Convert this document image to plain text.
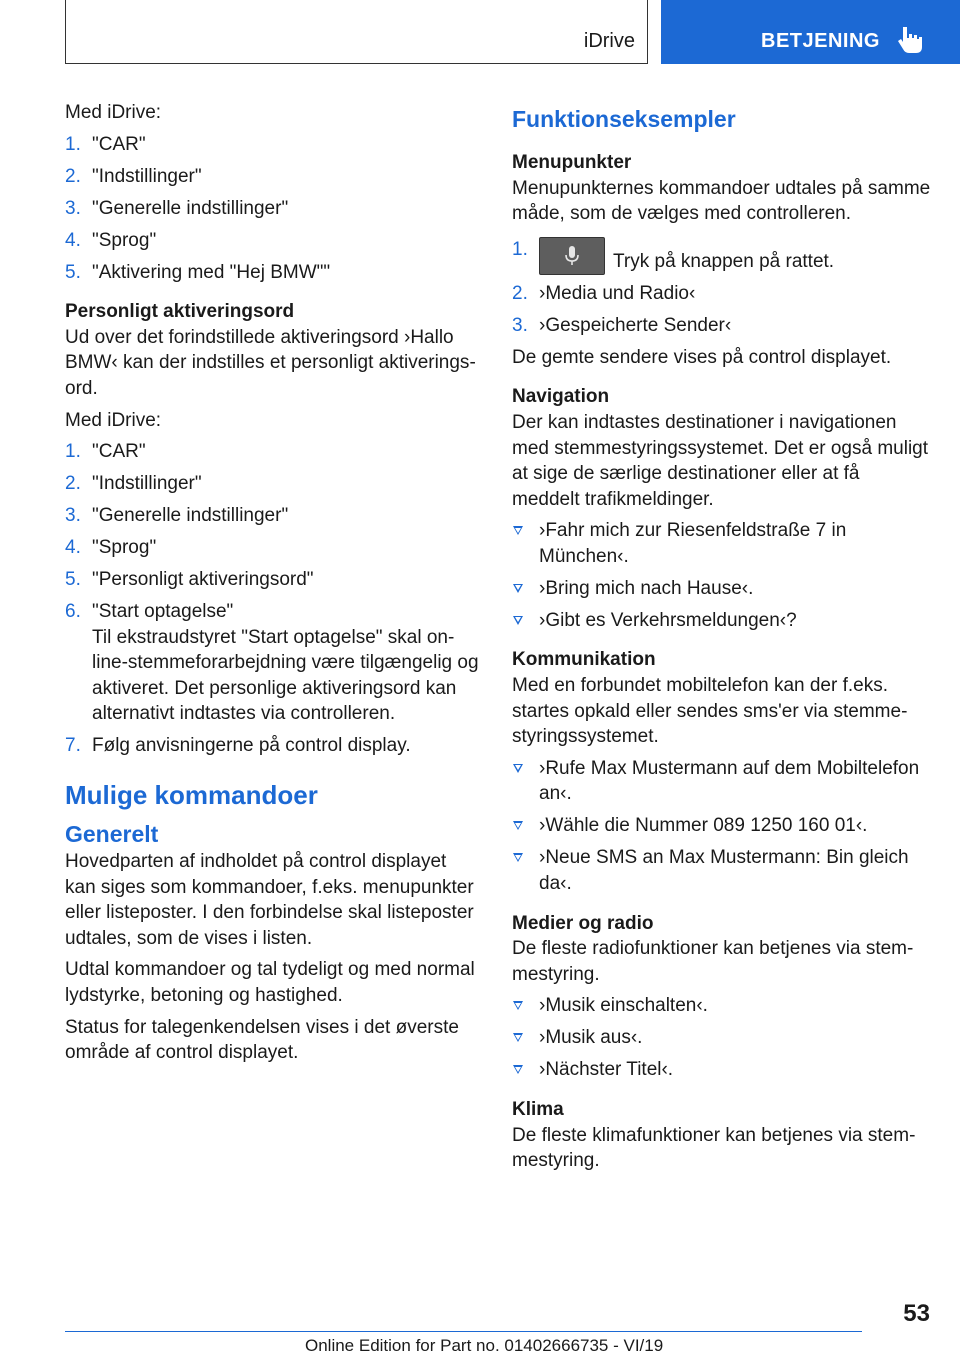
iDrive	BETJENING

Med iDrive:

1. "CAR"
2. "Indstillinger"
3. "Generelle indstillinger"
4. "Sprog"
5. "Aktivering med "Hej BMW""

Personligt aktiveringsord

Ud over det forindstillede aktiveringsord ›Hallo BMW‹ kan der indstilles et personligt aktiveringsord.

Med iDrive:

1. "CAR"
2. "Indstillinger"
3. "Generelle indstillinger"
4. "Sprog"
5. "Personligt aktiveringsord"
6. "Start optagelse"
Til ekstraudstyret "Start optagelse" skal online-stemmeforarbejdning være tilgængelig og aktiveret. Det personlige aktiveringsord kan alternativt indtastes via controlleren.
7. Følg anvisningerne på control display.
Mulige kommandoer
Generelt

Hovedparten af indholdet på control displayet kan siges som kommandoer, f.eks. menupunkter eller listeposter. I den forbindelse skal listeposter udtales, som de vises i listen.

Udtal kommandoer og tal tydeligt og med normal lydstyrke, betoning og hastighed.

Status for talegenkendelsen vises i det øverste område af control displayet.

Funktionseksempler

Menupunkter

Menupunkternes kommandoer udtales på samme måde, som de vælges med controlleren.

1.
Tryk på knappen på rattet.
2. ›Media und Radio‹
3. ›Gespeicherte Sender‹

De gemte sendere vises på control displayet.

Navigation

Der kan indtastes destinationer i navigationen med stemmestyringssystemet. Det er også muligt at sige de særlige destinationer eller at få meddelt trafikmeldinger.

›Fahr mich zur Riesenfeldstraße 7 in München‹.
›Bring mich nach Hause‹.
›Gibt es Verkehrsmeldungen‹?

Kommunikation

Med en forbundet mobiltelefon kan der f.eks. startes opkald eller sendes sms'er via stemmestyringssystemet.

›Rufe Max Mustermann auf dem Mobiltelefon an‹.
›Wähle die Nummer 089 1250 160 01‹.
›Neue SMS an Max Mustermann: Bin gleich da‹.

Medier og radio

De fleste radiofunktioner kan betjenes via stemmestyring.

›Musik einschalten‹.
›Musik aus‹.
›Nächster Titel‹.

Klima

De fleste klimafunktioner kan betjenes via stemmestyring.

53
Online Edition for Part no. 01402666735 - VI/19
